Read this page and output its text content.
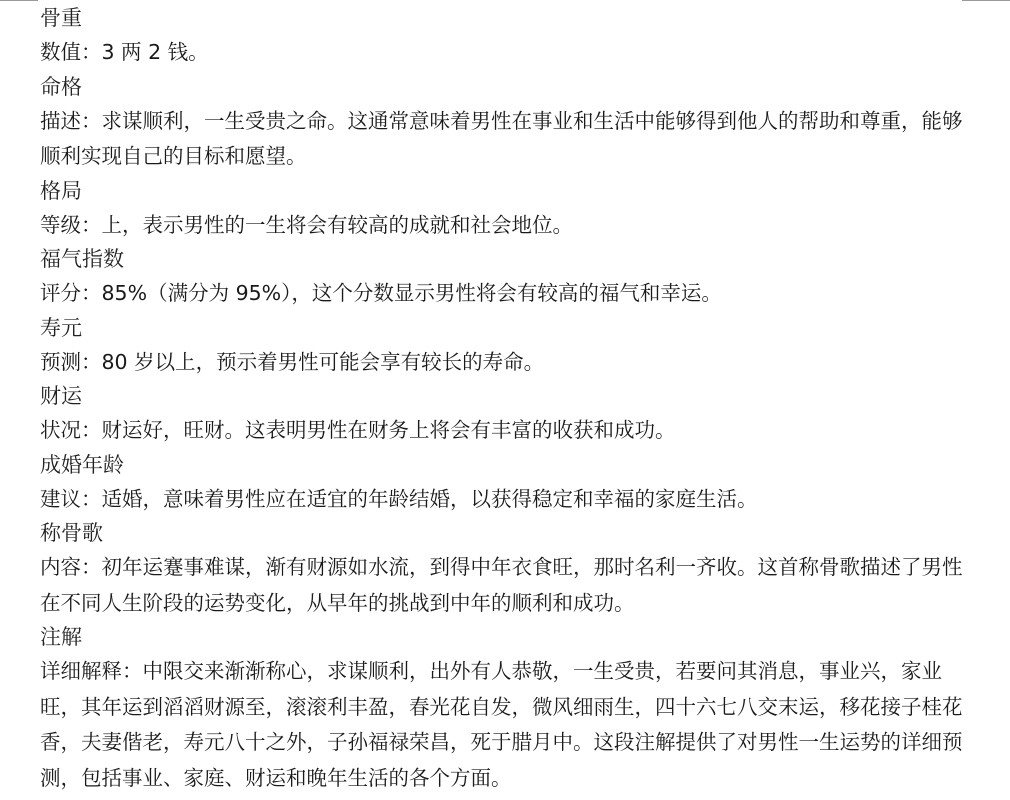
骨重
数值：3 两 2 钱。
命格
描述：求谋顺利，一生受贵之命。这通常意味着男性在事业和生活中能够得到他人的帮助和尊重，能够顺利实现自己的目标和愿望。
格局
等级：上，表示男性的一生将会有较高的成就和社会地位。
福气指数
评分：85%（满分为 95%），这个分数显示男性将会有较高的福气和幸运。
寿元
预测：80 岁以上，预示着男性可能会享有较长的寿命。
财运
状况：财运好，旺财。这表明男性在财务上将会有丰富的收获和成功。
成婚年龄
建议：适婚，意味着男性应在适宜的年龄结婚，以获得稳定和幸福的家庭生活。
称骨歌
内容：初年运蹇事难谋，渐有财源如水流，到得中年衣食旺，那时名利一齐收。这首称骨歌描述了男性在不同人生阶段的运势变化，从早年的挑战到中年的顺利和成功。
注解
详细解释：中限交来渐渐称心，求谋顺利，出外有人恭敬，一生受贵，若要问其消息，事业兴，家业旺，其年运到滔滔财源至，滚滚利丰盈，春光花自发，微风细雨生，四十六七八交末运，移花接子桂花香，夫妻偕老，寿元八十之外，子孙福禄荣昌，死于腊月中。这段注解提供了对男性一生运势的详细预测，包括事业、家庭、财运和晚年生活的各个方面。
